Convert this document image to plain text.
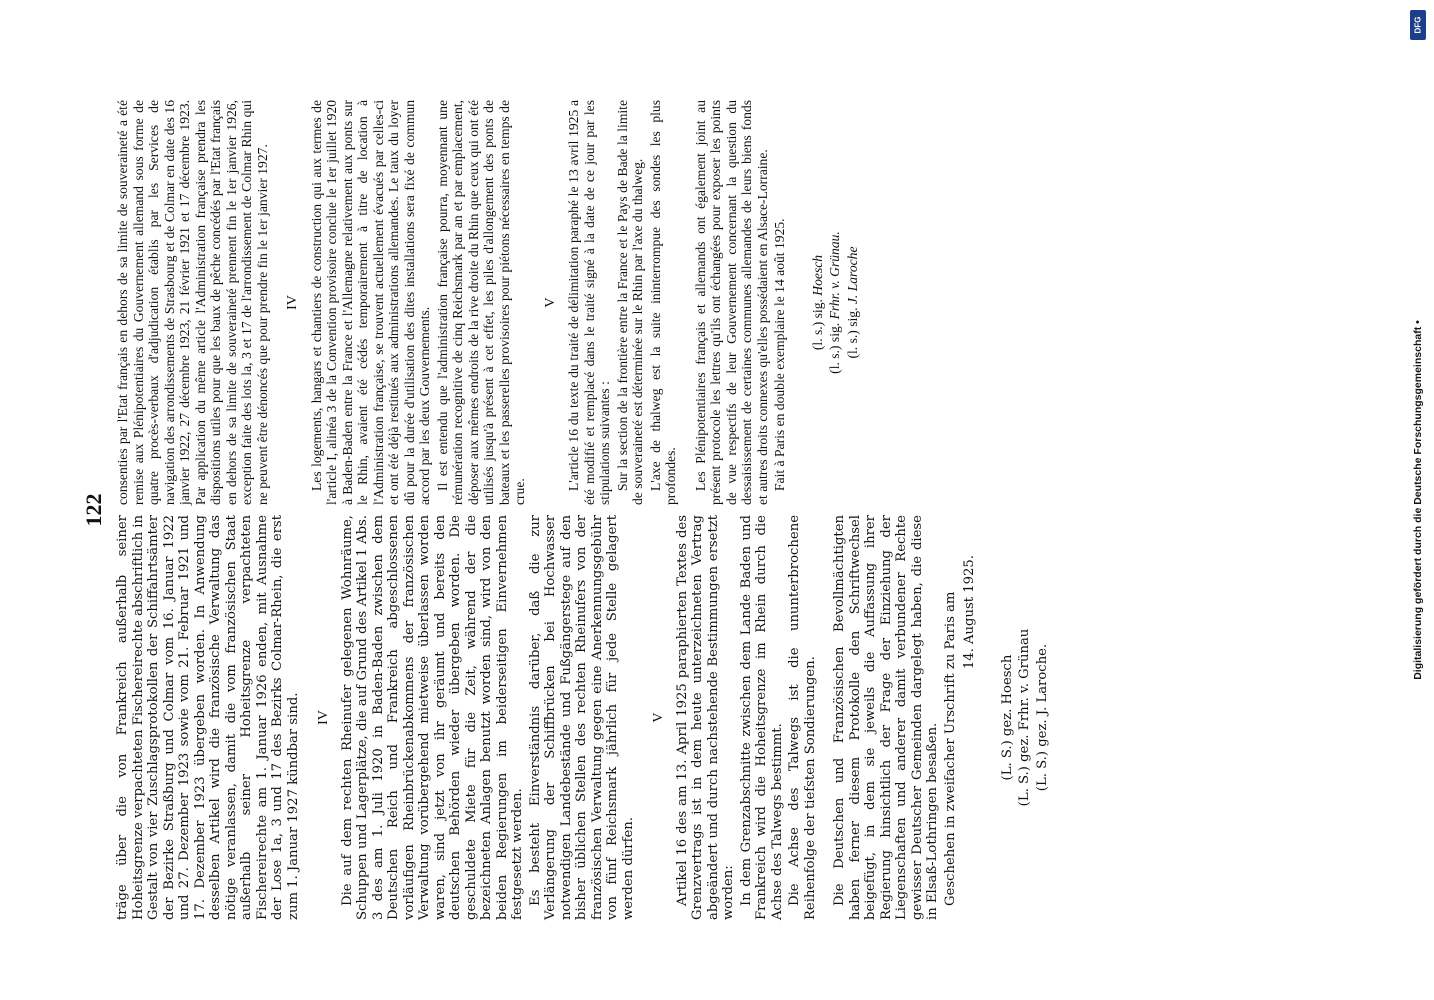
122

träge über die von Frankreich außerhalb seiner Hoheitsgrenze verpachteten Fischereirechte abschriftlich in Gestalt von vier Zuschlagsprotokollen der Schiffahrtsämter der Bezirke Straßburg und Colmar vom 16. Januar 1922 und 27. Dezember 1923 sowie vom 21. Februar 1921 und 17. Dezember 1923 übergeben worden. In Anwendung desselben Artikel wird die französische Verwaltung das nötige veranlassen, damit die vom französischen Staat außerhalb seiner Hoheitsgrenze verpachteten Fischereirechte am 1. Januar 1926 enden, mit Ausnahme der Lose 1a, 3 und 17 des Bezirks Colmar-Rhein, die erst zum 1. Januar 1927 kündbar sind. IV Die auf dem rechten Rheinufer gelegenen Wohnräume, Schuppen und Lagerplätze, die auf Grund des Artikel 1 Abs. 3 des am 1. Juli 1920 in Baden-Baden zwischen dem Deutschen Reich und Frankreich abgeschlossenen vorläufigen Rheinbrückenabkommens der französischen Verwaltung vorübergehend mietweise überlassen worden waren, sind jetzt von ihr geräumt und bereits den deutschen Behörden wieder übergeben worden. Die geschuldete Miete für die Zeit, während der die bezeichneten Anlagen benutzt worden sind, wird von den beiden Regierungen im beiderseitigen Einvernehmen festgesetzt werden. Es besteht Einverständnis darüber, daß die zur Verlängerung der Schiffbrücken bei Hochwasser notwendigen Landebestände und Fußgängerstege auf den bisher üblichen Stellen des rechten Rheinufers von der französischen Verwaltung gegen eine Anerkennungsgebühr von fünf Reichsmark jährlich für jede Stelle gelagert werden dürfen.

V Artikel 16 des am 13. April 1925 paraphierten Textes des Grenzvertrags ist in dem heute unterzeichneten Vertrag abgeändert und durch nachstehende Bestimmungen ersetzt worden: In dem Grenzabschnitte zwischen dem Lande Baden und Frankreich wird die Hoheitsgrenze im Rhein durch die Achse des Talwegs bestimmt. Die Achse des Talwegs ist die ununterbrochene Reihenfolge der tiefsten Sondierungen. Die Deutschen und Französischen Bevollmächtigten haben ferner diesem Protokolle den Schriftwechsel beigefügt, in dem sie jeweils die Auffassung ihrer Regierung hinsichtlich der Frage der Einziehung der Liegenschaften und anderer damit verbundener Rechte gewisser Deutscher Gemeinden dargelegt haben, die diese in Elsaß-Lothringen besaßen. Geschehen in zweifacher Urschrift zu Paris am 14. August 1925.
(L. S.) gez. Hoesch
(L. S.) gez. Frhr. v. Grünau
(L. S.) gez. J. Laroche.

consenties par l'Etat français en dehors de sa limite de souveraineté a été remise aux Plénipotentiaires du Gouvernement allemand sous forme de quatre procès-verbaux d'adjudication établis par les Services de navigation des arrondissements de Strasbourg et de Colmar en date des 16 janvier 1922, 27 décembre 1923, 21 février 1921 et 17 décembre 1923. Par application du même article l'Administration française prendra les dispositions utiles pour que les baux de pêche concédés par l'Etat français en dehors de sa limite de souveraineté prennent fin le 1er janvier 1926, exception faite des lots la, 3 et 17 de l'arrondissement de Colmar Rhin qui ne peuvent être dénoncés que pour prendre fin le 1er janvier 1927. IV Les logements, hangars et chantiers de construction qui aux termes de l'article I, alinéa 3 de la Convention provisoire conclue le 1er juillet 1920 à Baden-Baden entre la France et l'Allemagne relativement aux ponts sur le Rhin, avaient été cédés temporairement à titre de location à l'Administration française, se trouvent actuellement évacués par celles-ci et ont été déjà restitués aux administrations allemandes. Le taux du loyer dû pour la durée d'utilisation des dites installations sera fixé de commun accord par les deux Gouvernements. Il est entendu que l'administration française pourra, moyennant une rémunération recognitive de cinq Reichsmark par an et par emplacement, déposer aux mêmes endroits de la rive droite du Rhin que ceux qui ont été utilisés jusqu'à présent à cet effet, les piles d'allongement des ponts de bateaux et les passerelles provisoires pour piétons nécessaires en temps de crue.

V L'article 16 du texte du traité de délimitation paraphé le 13 avril 1925 a été modifié et remplacé dans le traité signé à la date de ce jour par les stipulations suivantes : Sur la section de la frontière entre la France et le Pays de Bade la limite de souveraineté est déterminée sur le Rhin par l'axe du thalweg. L'axe de thalweg est la suite ininterrompue des sondes les plus profondes. Les Plénipotentiaires français et allemands ont également joint au présent protocole les lettres qu'ils ont échangées pour exposer les points de vue respectifs de leur Gouvernement concernant la question du dessaisissement de certaines communes allemandes de leurs biens fonds et autres droits connexes qu'elles possédaient en Alsace-Lorraine. Fait à Paris en double exemplaire le 14 août 1925. (l. s.) sig. Hoesch
(l. s.) sig. Frhr. v. Grünau.
(l. s.) sig. J. Laroche
DFG
Digitalisierung gefördert durch die Deutsche Forschungsgemeinschaft •
